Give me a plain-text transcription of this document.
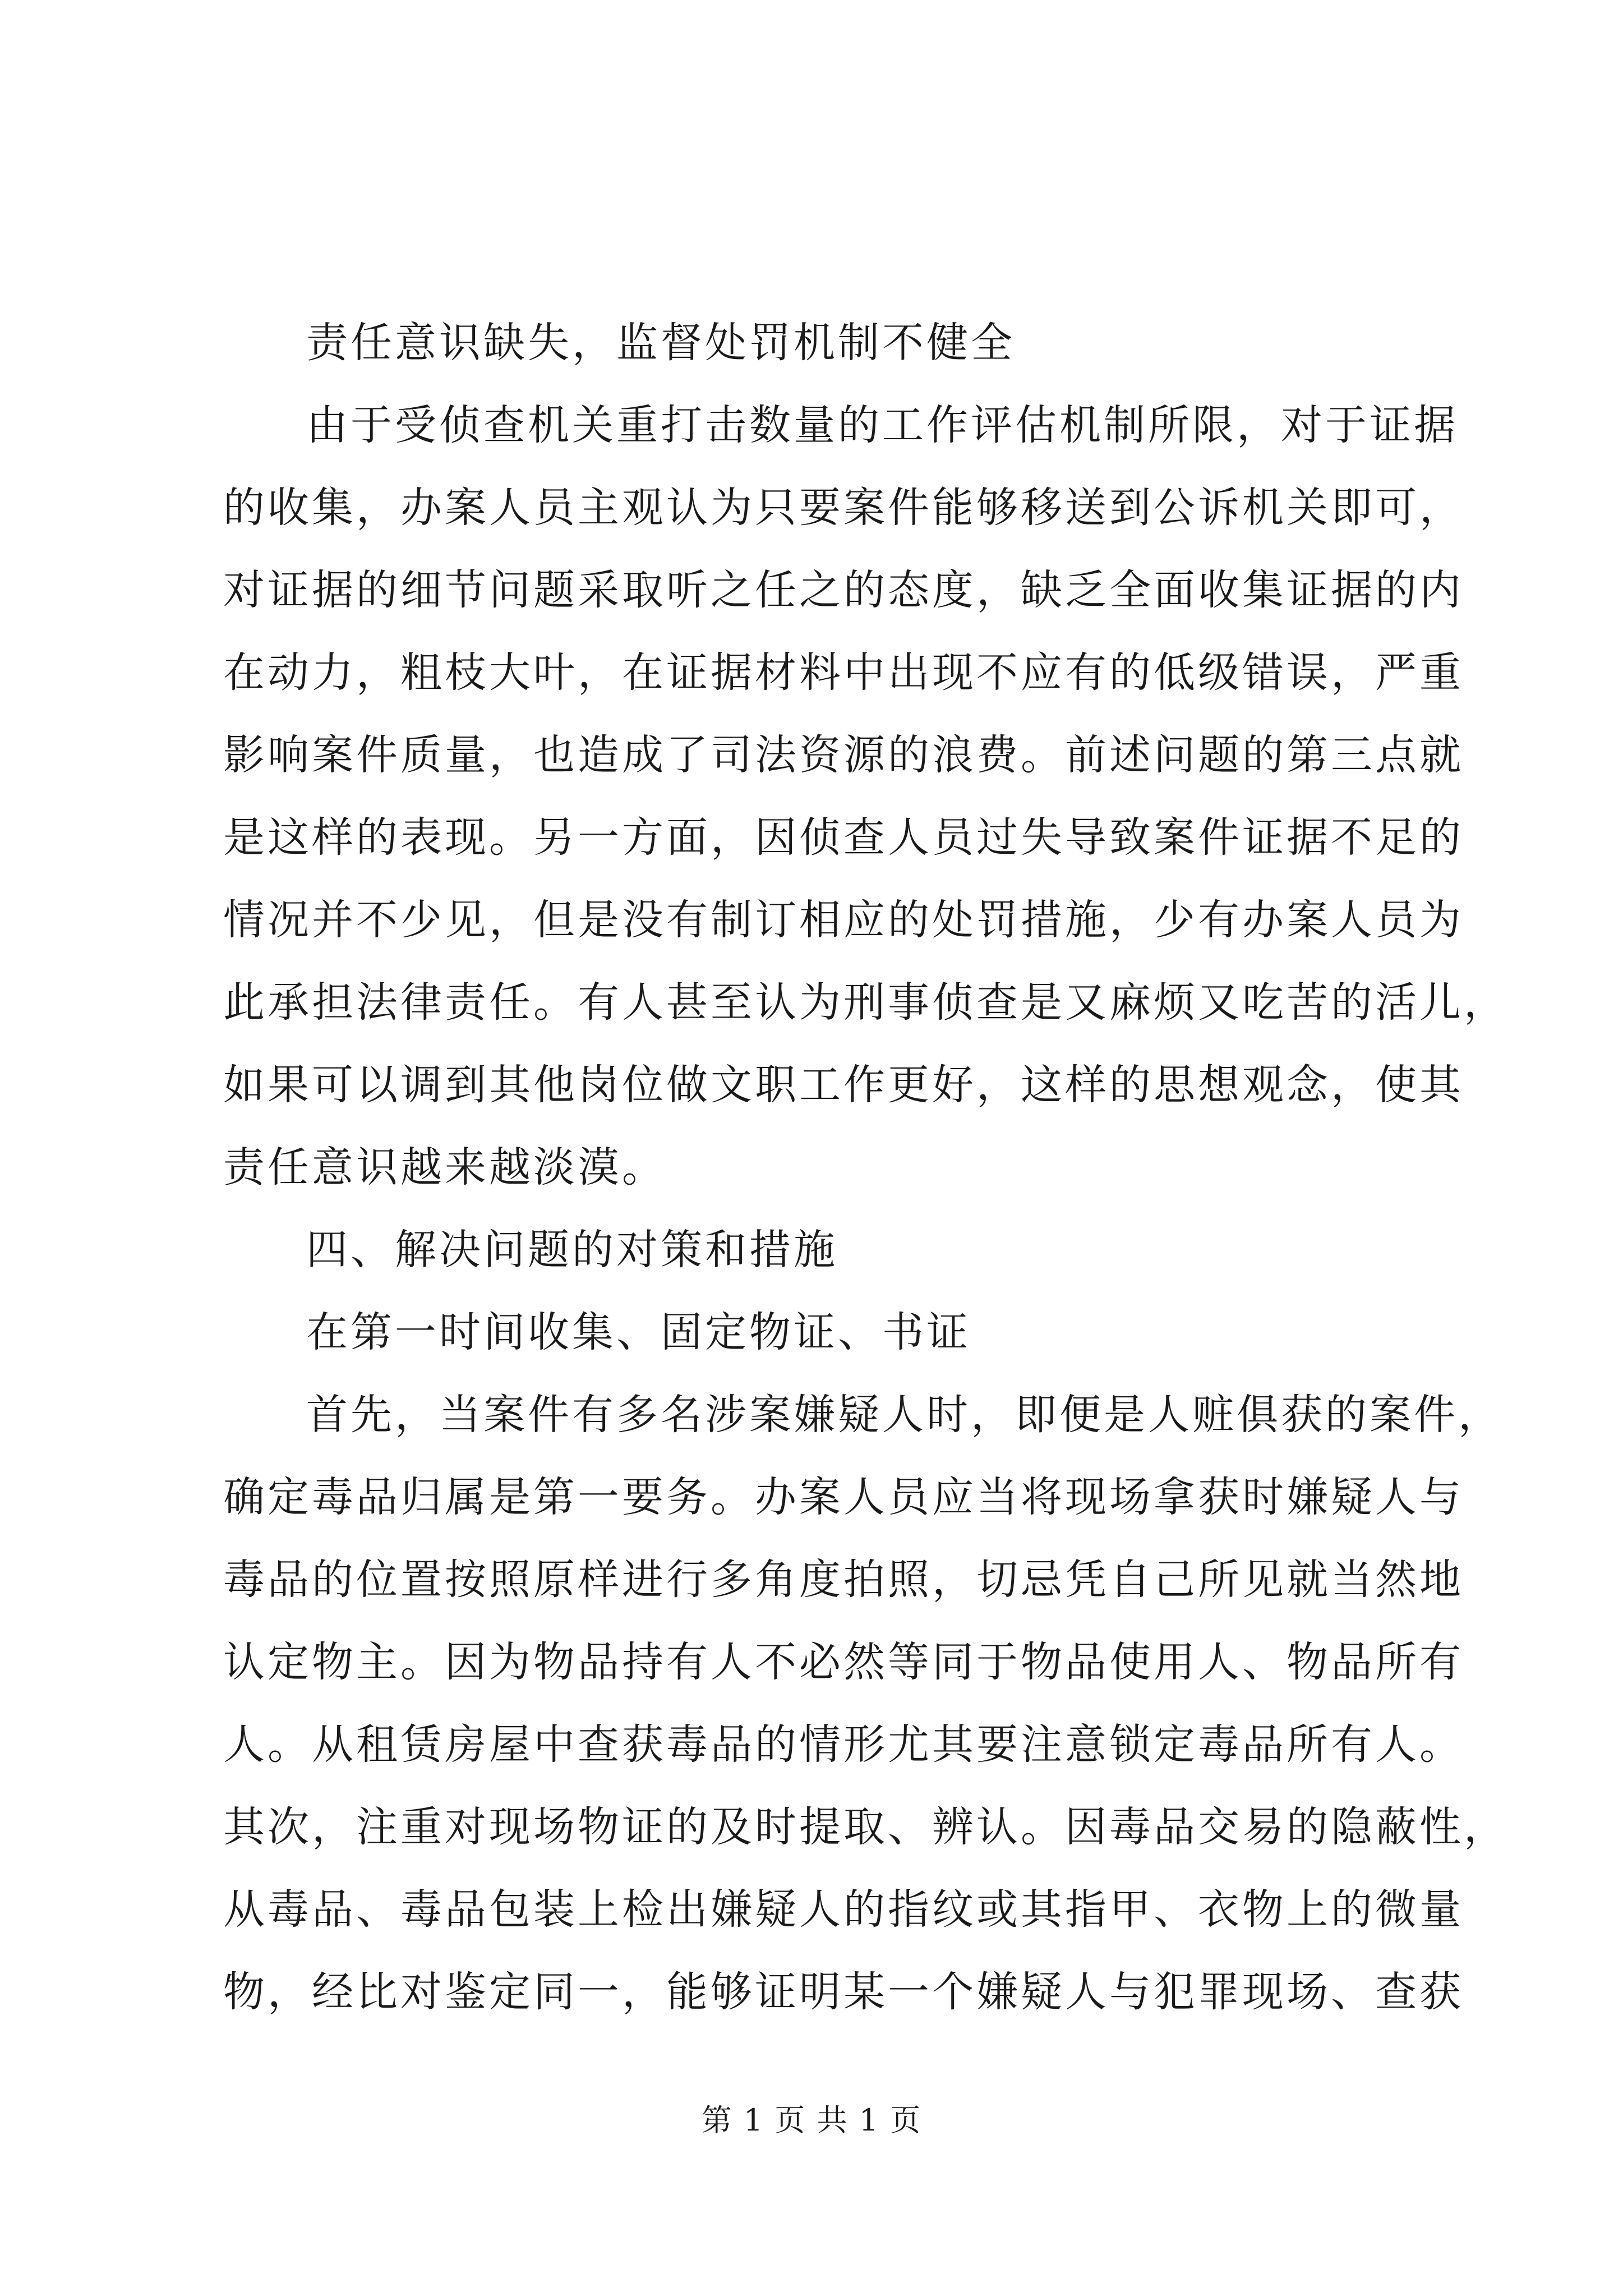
责任意识缺失，监督处罚机制不健全
由于受侦查机关重打击数量的工作评估机制所限，对于证据
的收集，办案人员主观认为只要案件能够移送到公诉机关即可，
对证据的细节问题采取听之任之的态度，缺乏全面收集证据的内
在动力，粗枝大叶，在证据材料中出现不应有的低级错误，严重
影响案件质量，也造成了司法资源的浪费。前述问题的第三点就
是这样的表现。另一方面，因侦查人员过失导致案件证据不足的
情况并不少见，但是没有制订相应的处罚措施，少有办案人员为
此承担法律责任。有人甚至认为刑事侦查是又麻烦又吃苦的活儿，
如果可以调到其他岗位做文职工作更好，这样的思想观念，使其
责任意识越来越淡漠。
四、解决问题的对策和措施
在第一时间收集、固定物证、书证
首先，当案件有多名涉案嫌疑人时，即便是人赃俱获的案件，
确定毒品归属是第一要务。办案人员应当将现场拿获时嫌疑人与
毒品的位置按照原样进行多角度拍照，切忌凭自己所见就当然地
认定物主。因为物品持有人不必然等同于物品使用人、物品所有
人。从租赁房屋中查获毒品的情形尤其要注意锁定毒品所有人。
其次，注重对现场物证的及时提取、辨认。因毒品交易的隐蔽性，
从毒品、毒品包装上检出嫌疑人的指纹或其指甲、衣物上的微量
物，经比对鉴定同一，能够证明某一个嫌疑人与犯罪现场、查获
第 1 页 共 1 页
